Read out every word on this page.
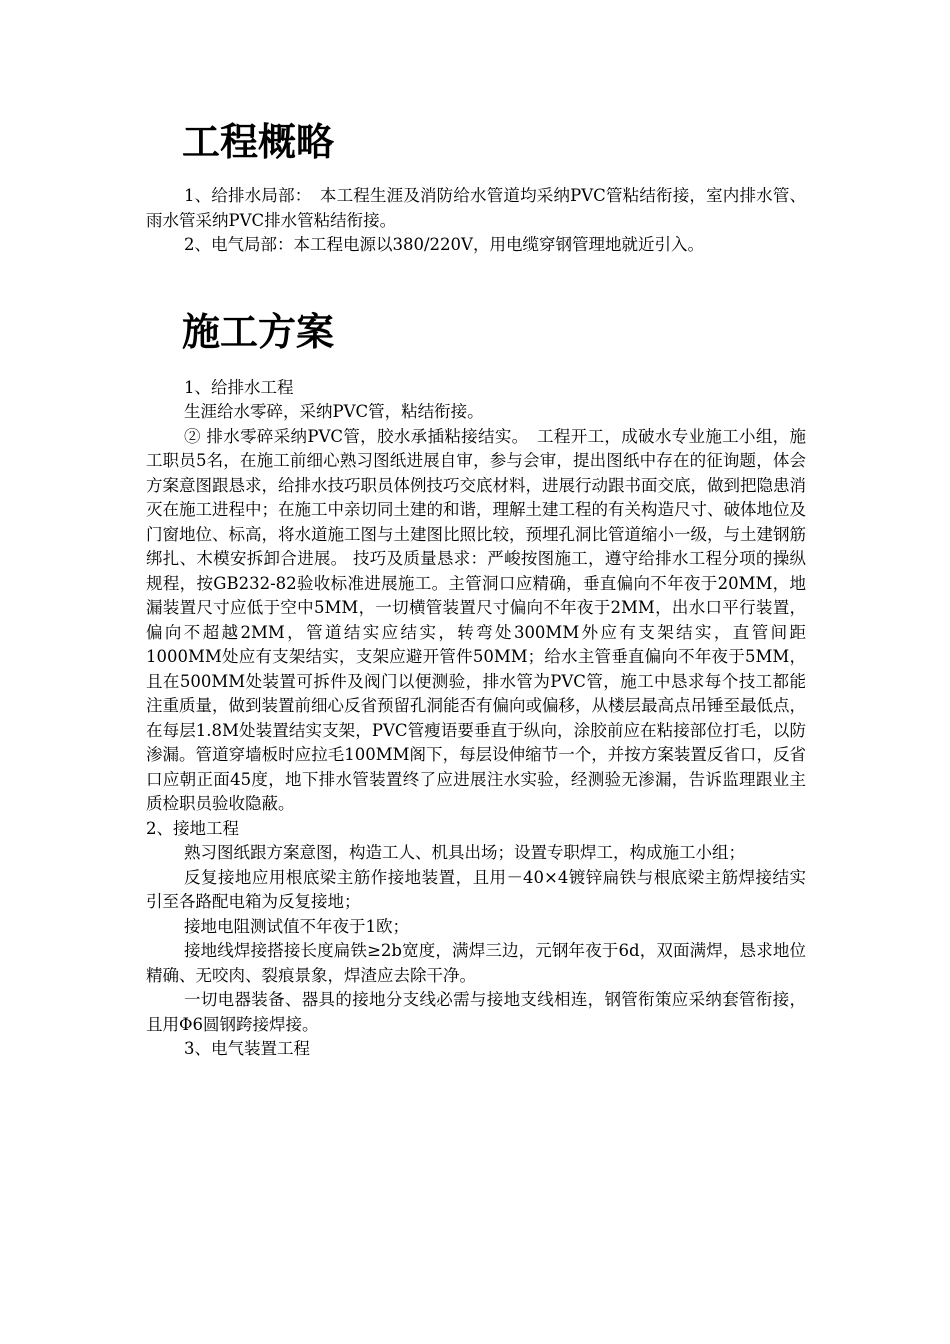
工程概略

1、给排水局部：　本工程生涯及消防给水管道均采纳PVC管粘结衔接，室内排水管、雨水管采纳PVC排水管粘结衔接。

2、电气局部：本工程电源以380/220V，用电缆穿钢管理地就近引入。

施工方案

1、给排水工程

生涯给水零碎，采纳PVC管，粘结衔接。

② 排水零碎采纳PVC管，胶水承插粘接结实。　工程开工，成破水专业施工小组，施工职员5名，在施工前细心熟习图纸进展自审，参与会审，提出图纸中存在的征询题，体会方案意图跟恳求，给排水技巧职员体例技巧交底材料，进展行动跟书面交底，做到把隐患消灭在施工进程中；在施工中亲切同土建的和谐，理解土建工程的有关构造尺寸、破体地位及门窗地位、标高，将水道施工图与土建图比照比较，预埋孔洞比管道缩小一级，与土建钢筋绑扎、木模安拆卸合进展。 技巧及质量恳求：严峻按图施工，遵守给排水工程分项的操纵规程，按GB232-82验收标准进展施工。主管洞口应精确，垂直偏向不年夜于20MM，地漏装置尺寸应低于空中5MM，一切横管装置尺寸偏向不年夜于2MM，出水口平行装置，偏向不超越2MM，管道结实应结实，转弯处300MM外应有支架结实，直管间距1000MM处应有支架结实，支架应避开管件50MM；给水主管垂直偏向不年夜于5MM，且在500MM处装置可拆件及阀门以便测验，排水管为PVC管，施工中恳求每个技工都能注重质量，做到装置前细心反省预留孔洞能否有偏向或偏移，从楼层最高点吊锤至最低点，在每层1.8M处装置结实支架，PVC管瘦语要垂直于纵向，涂胶前应在粘接部位打毛，以防渗漏。管道穿墙板时应拉毛100MM阁下，每层设伸缩节一个，并按方案装置反省口，反省口应朝正面45度，地下排水管装置终了应进展注水实验，经测验无渗漏，告诉监理跟业主质检职员验收隐蔽。

2、接地工程

熟习图纸跟方案意图，构造工人、机具出场；设置专职焊工，构成施工小组；

反复接地应用根底梁主筋作接地装置，且用－40×4镀锌扁铁与根底梁主筋焊接结实引至各路配电箱为反复接地；

接地电阻测试值不年夜于1欧；

接地线焊接搭接长度扁铁≥2b宽度，满焊三边，元钢年夜于6d，双面满焊，恳求地位精确、无咬肉、裂痕景象，焊渣应去除干净。

一切电器装备、器具的接地分支线必需与接地支线相连，钢管衔策应采纳套管衔接，且用Φ6圆钢跨接焊接。

3、电气装置工程
